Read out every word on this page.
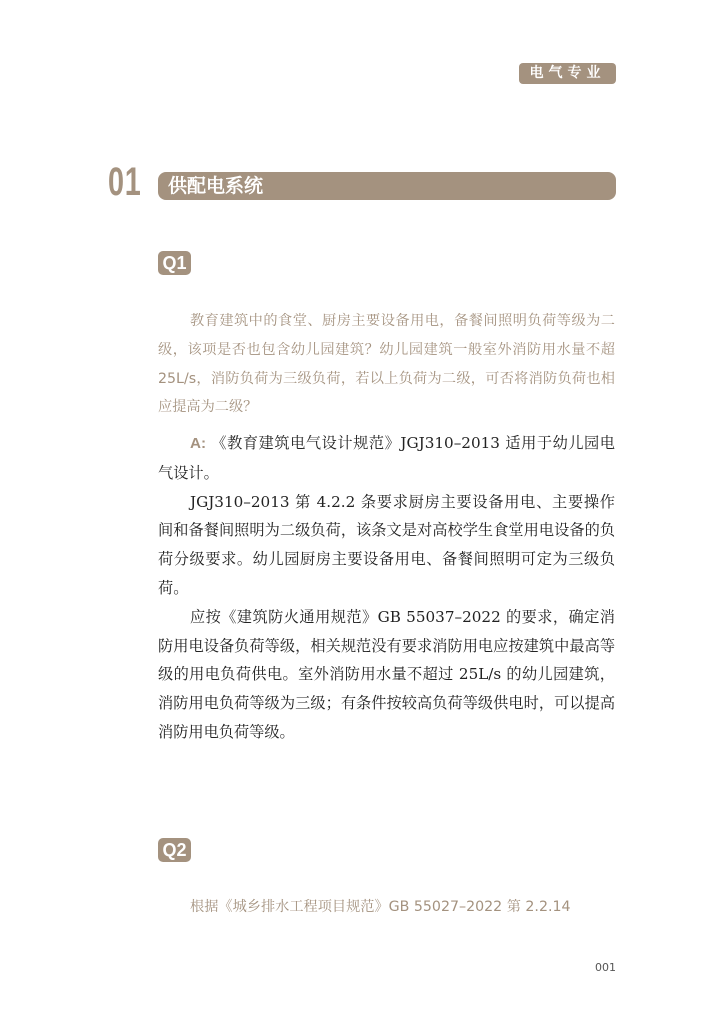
电气专业
01 供配电系统
Q1
教育建筑中的食堂、厨房主要设备用电，备餐间照明负荷等级为二级，该项是否也包含幼儿园建筑？幼儿园建筑一般室外消防用水量不超 25L/s，消防负荷为三级负荷，若以上负荷为二级，可否将消防负荷也相应提高为二级？

A: 《教育建筑电气设计规范》JGJ310–2013 适用于幼儿园电气设计。

JGJ310–2013 第 4.2.2 条要求厨房主要设备用电、主要操作间和备餐间照明为二级负荷，该条文是对高校学生食堂用电设备的负荷分级要求。幼儿园厨房主要设备用电、备餐间照明可定为三级负荷。

应按《建筑防火通用规范》GB 55037–2022 的要求，确定消防用电设备负荷等级，相关规范没有要求消防用电应按建筑中最高等级的用电负荷供电。室外消防用水量不超过 25L/s 的幼儿园建筑，消防用电负荷等级为三级；有条件按较高负荷等级供电时，可以提高消防用电负荷等级。

Q2
根据《城乡排水工程项目规范》GB 55027–2022 第 2.2.14
001
